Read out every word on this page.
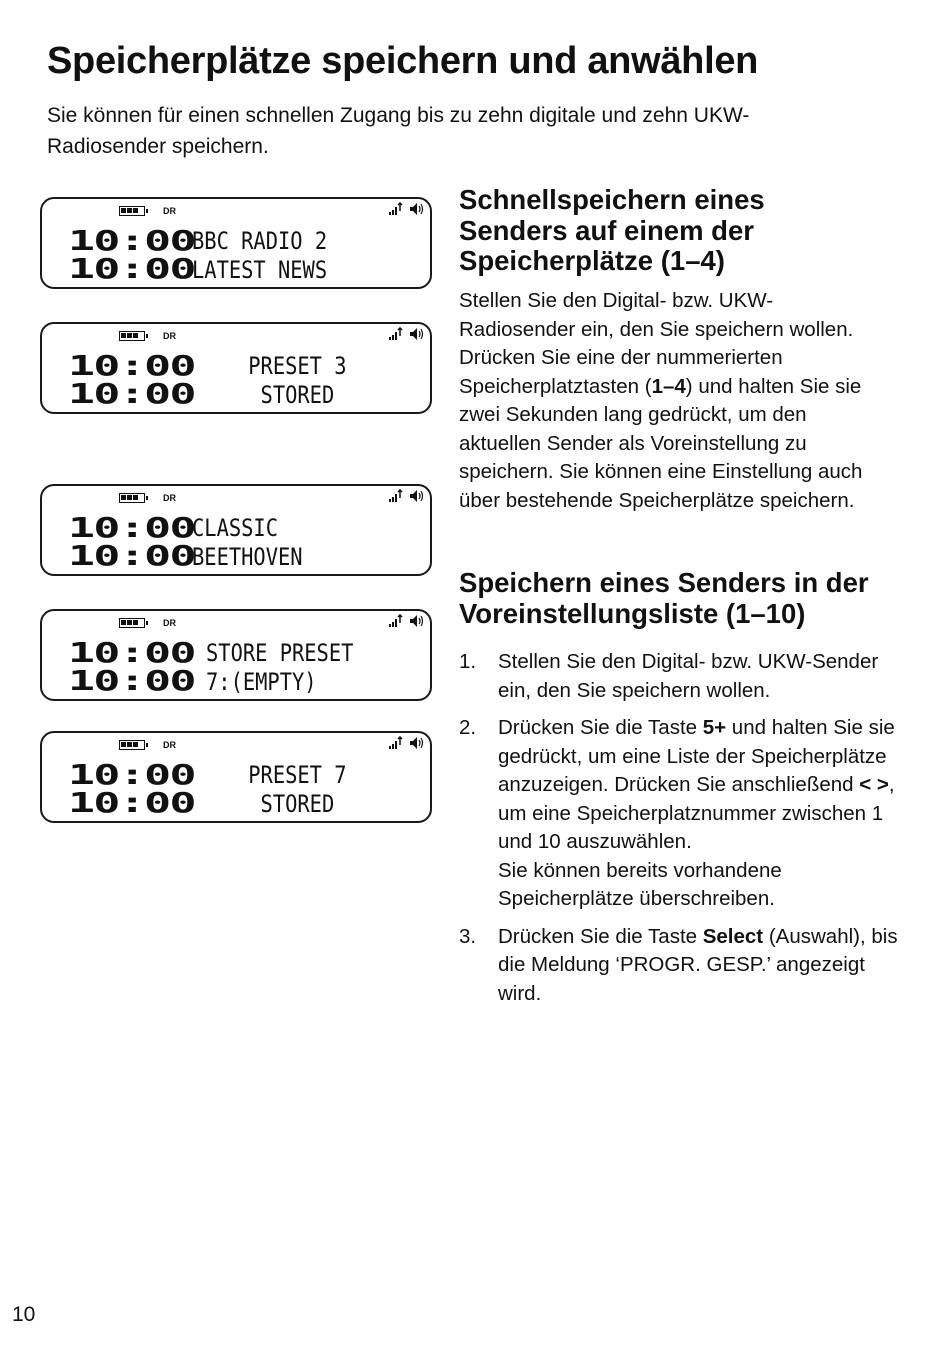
Speicherplätze speichern und anwählen

Sie können für einen schnellen Zugang bis zu zehn digitale und zehn UKW-Radiosender speichern.

DR
10:00
10:00
BBC RADIO 2
LATEST NEWS
DR
10:00
10:00
PRESET 3
STORED
DR
10:00
10:00
CLASSIC
BEETHOVEN
DR
10:00
10:00
STORE PRESET
7:(EMPTY)
DR
10:00
10:00
PRESET 7
STORED
Schnellspeichern eines Senders auf einem der Speicherplätze (1–4)

Stellen Sie den Digital- bzw. UKW-Radiosender ein, den Sie speichern wollen. Drücken Sie eine der nummerierten Speicherplatztasten (1–4) und halten Sie sie zwei Sekunden lang gedrückt, um den aktuellen Sender als Voreinstellung zu speichern. Sie können eine Einstellung auch über bestehende Speicherplätze speichern.

Speichern eines Senders in der Voreinstellungsliste (1–10)
1. Stellen Sie den Digital- bzw. UKW-Sender ein, den Sie speichern wollen.
2. Drücken Sie die Taste 5+ und halten Sie sie gedrückt, um eine Liste der Speicherplätze anzuzeigen. Drücken Sie anschließend < >, um eine Speicherplatznummer zwischen 1 und 10 auszuwählen.
Sie können bereits vorhandene Speicherplätze überschreiben.
3. Drücken Sie die Taste Select (Auswahl), bis die Meldung ‘PROGR. GESP.’ angezeigt wird.
10
